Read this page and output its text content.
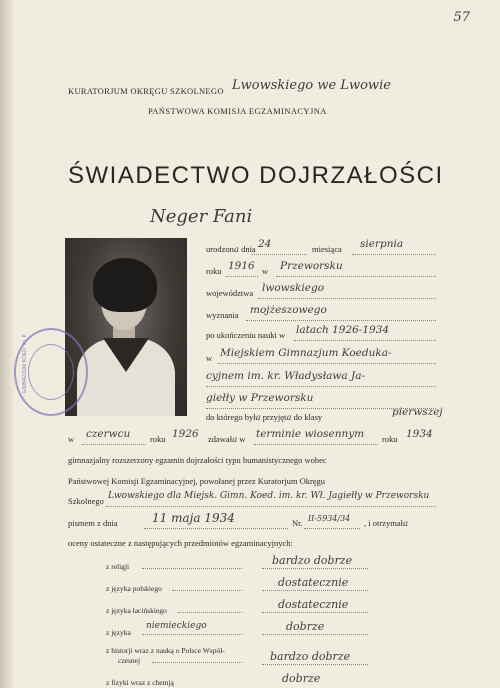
57
KURATORJUM OKRĘGU SZKOLNEGO Lwowskiego we Lwowie
PAŃSTWOWA KOMISJA EGZAMINACYJNA
ŚWIADECTWO DOJRZAŁOŚCI
Neger Fani
GIMNAZJUM KOED. im. K
urodzona dnia 24	miesiąca sierpnia
roku 1916 w Przeworsku
województwa lwowskiego
wyznania mojżeszowego
po ukończeniu nauki w latach 1926-1934
w Miejskiem Gimnazjum Koeduka-
cyjnem im. kr. Władysława Ja-
giełły w Przeworsku
do którego była przyjęta do klasy	pierwszej
w czerwcu roku 1926 zdawała w terminie wiosennym roku 1934
gimnazjalny rozszerzony egzamin dojrzałości typu humanistycznego wobec
Państwowej Komisji Egzaminacyjnej, powołanej przez Kuratorjum Okręgu
Szkolnego Lwowskiego dla Miejsk. Gimn. Koed. im. kr. Wł. Jagiełły w Przeworsku
pismem z dnia	11 maja 1934	Nr. II-5934/34 , i otrzymała
oceny ostateczne z następujących przedmiotów egzaminacyjnych:
z religji	bardzo dobrze
z języka polskiego	dostatecznie
z języka łacińskiego	dostatecznie
z języka
niemieckiego	dobrze
z historji wraz z nauką o Polsce Współ-
czesnej	bardzo dobrze
z fizyki wraz z chemją	dobrze
